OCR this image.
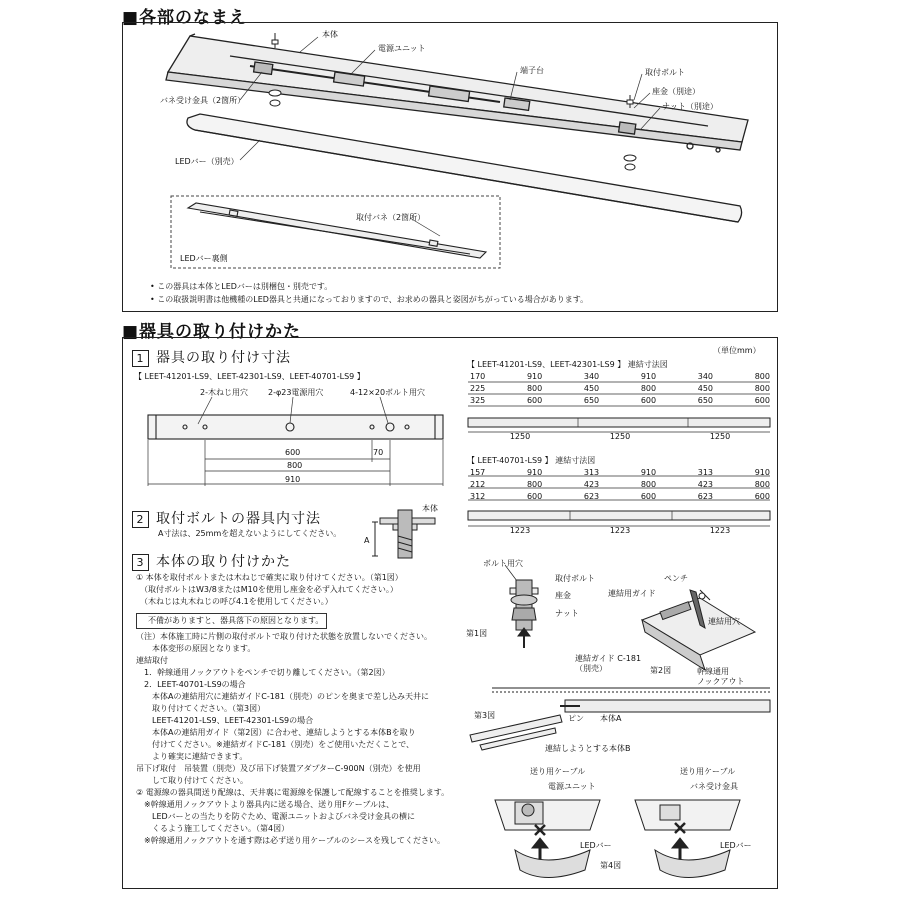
■各部のなまえ
本体
電源ユニット
端子台	取付ボルト
座金（別途）
ナット（別途）
バネ受け金具（2箇所）
LEDバー（別売）
取付バネ（2箇所）
LEDバー裏側
• この器具は本体とLEDバーは別梱包・別売です。
• この取扱説明書は他機種のLED器具と共通になっておりますので、お求めの器具と姿図がちがっている場合があります。
■器具の取り付けかた
1 器具の取り付け寸法
【 LEET-41201-LS9、LEET-42301-LS9、LEET-40701-LS9 】
2-木ねじ用穴	2-φ23電源用穴	4-12×20ボルト用穴
600	70
800
910
2 取付ボルトの器具内寸法
A寸法は、25mmを超えないようにしてください。
本体
A
3 本体の取り付けかた
① 本体を取付ボルトまたは木ねじで確実に取り付けてください。（第1図）
　（取付ボルトはW3/8またはM10を使用し座金を必ず入れてください。）
　（木ねじは丸木ねじの呼び4.1を使用してください。）
　不備がありますと、器具落下の原因となります。
（注）本体施工時に片側の取付ボルトで取り付けた状態を放置しないでください。
　　本体変形の原因となります。
連結取付
　1．幹線通用ノックアウトをペンチで切り離してください。（第2図）
　2．LEET-40701-LS9の場合
　　本体Aの連結用穴に連結ガイドC-181（別売）のピンを奥まで差し込み天井に
　　取り付けてください。（第3図）
　　LEET-41201-LS9、LEET-42301-LS9の場合
　　本体Aの連結用ガイド（第2図）に合わせ、連結しようとする本体Bを取り
　　付けてください。※連結ガイドC-181（別売）をご使用いただくことで、
　　より確実に連結できます。
吊下げ取付　吊装置（別売）及び吊下げ装置アダプターC-900N（別売）を使用
　　して取り付けてください。
② 電源線の器具間送り配線は、天井裏に電源線を保護して配線することを推奨します。
　※幹線通用ノックアウトより器具内に送る場合、送り用Fケーブルは、
　　LEDバーとの当たりを防ぐため、電源ユニットおよびバネ受け金具の横に
　　くるよう施工してください。（第4図）
　※幹線通用ノックアウトを通す際は必ず送り用ケーブルのシースを残してください。
（単位mm）
【 LEET-41201-LS9、LEET-42301-LS9 】 連結寸法図
【 LEET-40701-LS9 】 連結寸法図
170	910	340	910	340	800
225	800	450	800	450	800
325	600	650	600	650	600
1250	1250	1250
157	910	313	910	313	910
212	800	423	800	423	800
312	600	623	600	623	600
1223	1223	1223
ボルト用穴
取付ボルト
座金
ナット
第1図
ペンチ
連結用ガイド
連結用穴
第2図	幹線通用
ノックアウト
連結ガイド C-181
（別売）
第3図	ピン 本体A
連結しようとする本体B
送り用ケーブル	送り用ケーブル
電源ユニット	バネ受け金具
LEDバー	LEDバー
第4図
